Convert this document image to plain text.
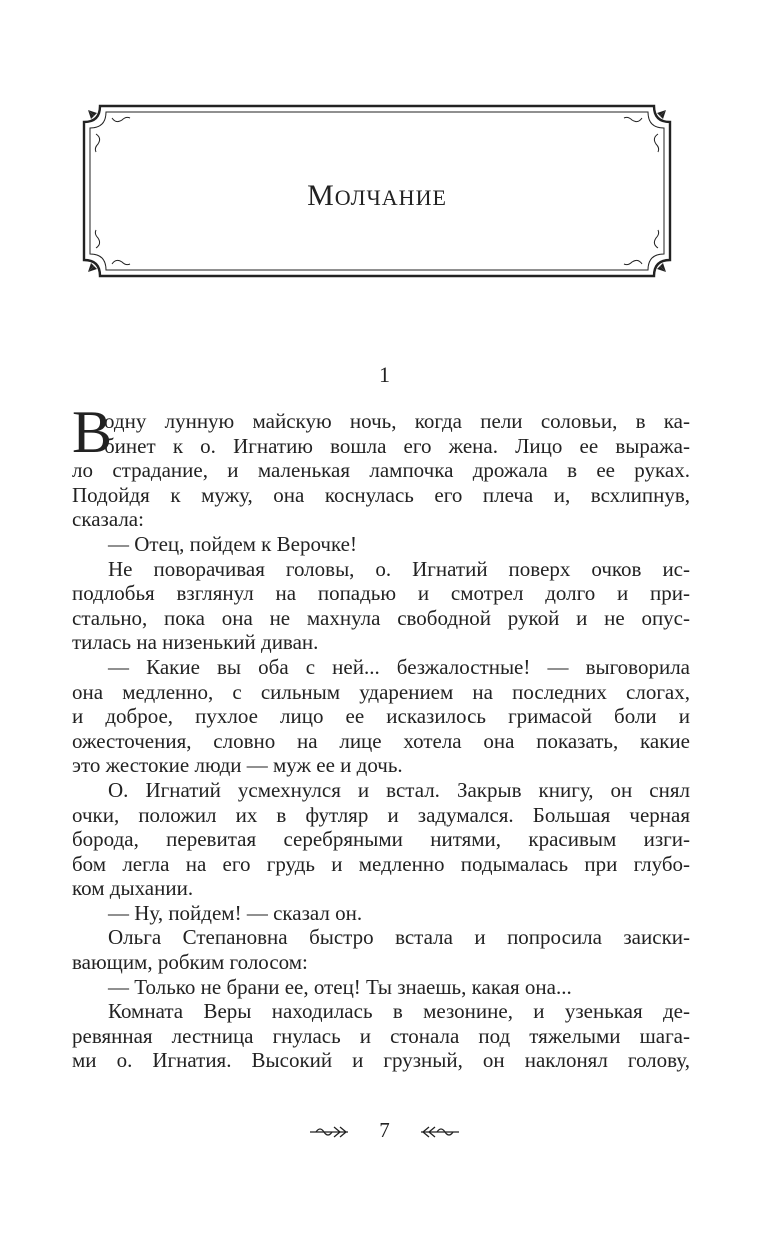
МОЛЧАНИЕ
1
В
одну лунную майскую ночь, когда пели соловьи, в ка-
бинет к о. Игнатию вошла его жена. Лицо ее выража-
ло страдание, и маленькая лампочка дрожала в ее руках.
Подойдя к мужу, она коснулась его плеча и, всхлипнув,
сказала:
— Отец, пойдем к Верочке!
Не поворачивая головы, о. Игнатий поверх очков ис-
подлобья взглянул на попадью и смотрел долго и при-
стально, пока она не махнула свободной рукой и не опус-
тилась на низенький диван.
— Какие вы оба с ней... безжалостные! — выговорила
она медленно, с сильным ударением на последних слогах,
и доброе, пухлое лицо ее исказилось гримасой боли и
ожесточения, словно на лице хотела она показать, какие
это жестокие люди — муж ее и дочь.
О. Игнатий усмехнулся и встал. Закрыв книгу, он снял
очки, положил их в футляр и задумался. Большая черная
борода, перевитая серебряными нитями, красивым изги-
бом легла на его грудь и медленно подымалась при глубо-
ком дыхании.
— Ну, пойдем! — сказал он.
Ольга Степановна быстро встала и попросила заиски-
вающим, робким голосом:
— Только не брани ее, отец! Ты знаешь, какая она...
Комната Веры находилась в мезонине, и узенькая де-
ревянная лестница гнулась и стонала под тяжелыми шага-
ми о. Игнатия. Высокий и грузный, он наклонял голову,
7
